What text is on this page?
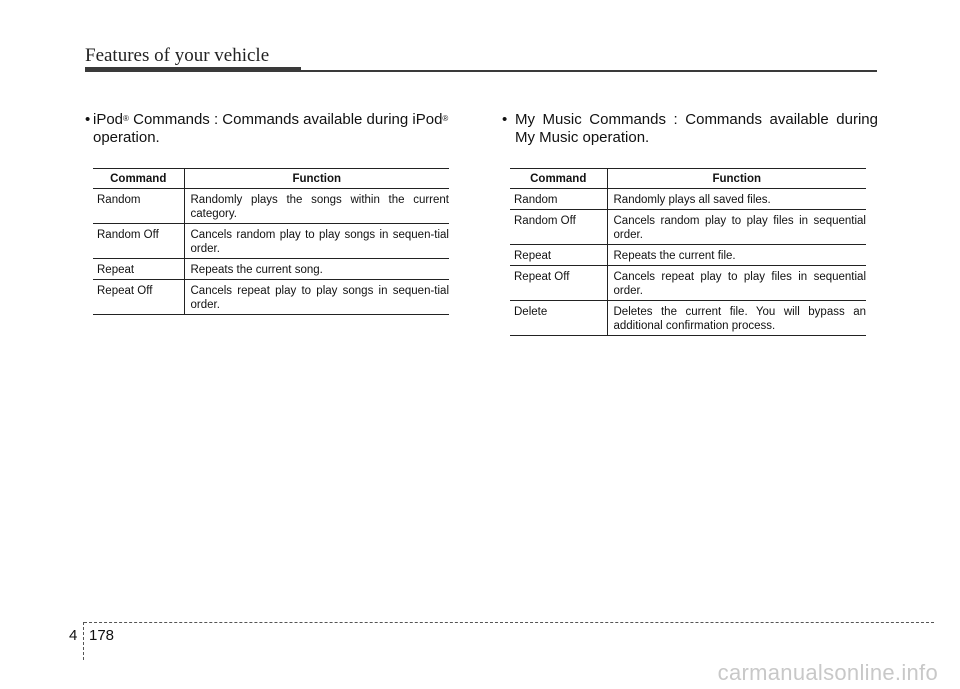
Features of your vehicle
• iPod® Commands : Commands available during iPod®
operation.
• My Music Commands : Commands available during
My Music operation.
Command	Function
Random	Randomly plays the songs within the current category.
Random Off	Cancels random play to play songs in sequen-tial order.
Repeat	Repeats the current song.
Repeat Off	Cancels repeat play to play songs in sequen-tial order.
Command	Function
Random	Randomly plays all saved files.
Random Off	Cancels random play to play files in sequential order.
Repeat	Repeats the current file.
Repeat Off	Cancels repeat play to play files in sequential order.
Delete	Deletes the current file. You will bypass an additional confirmation process.
4 178
carmanualsonline.info
